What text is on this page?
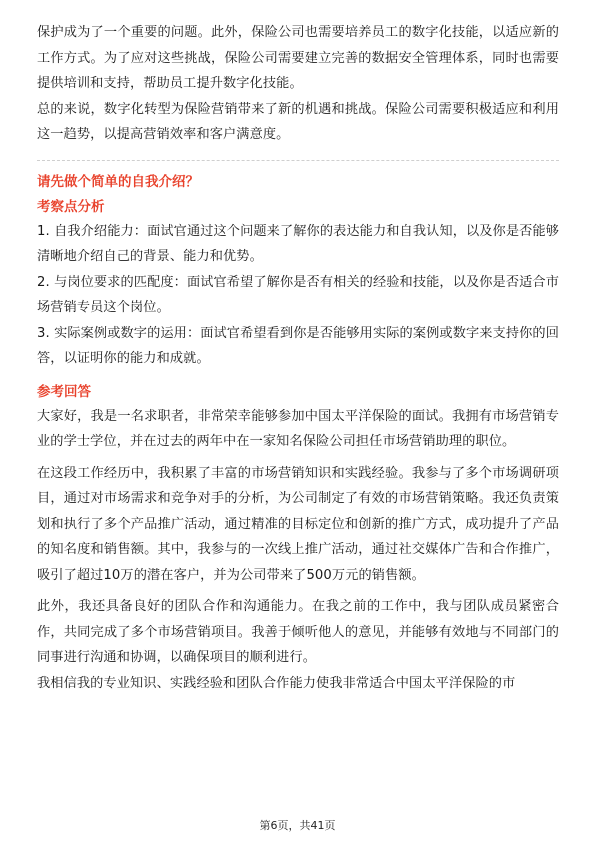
保护成为了一个重要的问题。此外，保险公司也需要培养员工的数字化技能，以适应新的工作方式。为了应对这些挑战，保险公司需要建立完善的数据安全管理体系，同时也需要提供培训和支持，帮助员工提升数字化技能。

总的来说，数字化转型为保险营销带来了新的机遇和挑战。保险公司需要积极适应和利用这一趋势，以提高营销效率和客户满意度。

请先做个简单的自我介绍？

考察点分析

1. 自我介绍能力：面试官通过这个问题来了解你的表达能力和自我认知，以及你是否能够清晰地介绍自己的背景、能力和优势。

2. 与岗位要求的匹配度：面试官希望了解你是否有相关的经验和技能，以及你是否适合市场营销专员这个岗位。

3. 实际案例或数字的运用：面试官希望看到你是否能够用实际的案例或数字来支持你的回答，以证明你的能力和成就。

参考回答

大家好，我是一名求职者，非常荣幸能够参加中国太平洋保险的面试。我拥有市场营销专业的学士学位，并在过去的两年中在一家知名保险公司担任市场营销助理的职位。

在这段工作经历中，我积累了丰富的市场营销知识和实践经验。我参与了多个市场调研项目，通过对市场需求和竞争对手的分析，为公司制定了有效的市场营销策略。我还负责策划和执行了多个产品推广活动，通过精准的目标定位和创新的推广方式，成功提升了产品的知名度和销售额。其中，我参与的一次线上推广活动，通过社交媒体广告和合作推广，吸引了超过10万的潜在客户，并为公司带来了500万元的销售额。

此外，我还具备良好的团队合作和沟通能力。在我之前的工作中，我与团队成员紧密合作，共同完成了多个市场营销项目。我善于倾听他人的意见，并能够有效地与不同部门的同事进行沟通和协调，以确保项目的顺利进行。

我相信我的专业知识、实践经验和团队合作能力使我非常适合中国太平洋保险的市

第6页，共41页
